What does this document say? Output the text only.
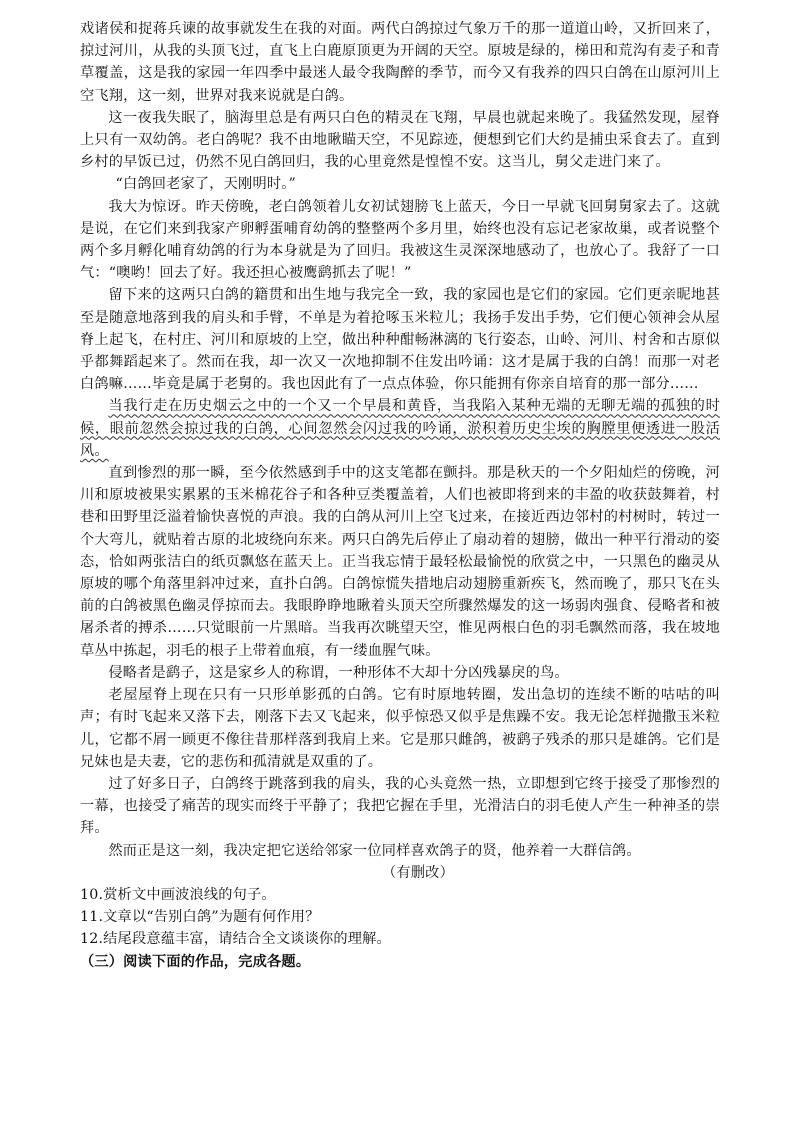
戏诸侯和捉蒋兵谏的故事就发生在我的对面。两代白鸽掠过气象万千的那一道道山岭，又折回来了，掠过河川，从我的头顶飞过，直飞上白鹿原顶更为开阔的天空。原坡是绿的，梯田和荒沟有麦子和青草覆盖，这是我的家园一年四季中最迷人最令我陶醉的季节，而今又有我养的四只白鸽在山原河川上空飞翔，这一刻，世界对我来说就是白鸽。

这一夜我失眠了，脑海里总是有两只白色的精灵在飞翔，早晨也就起来晚了。我猛然发现，屋脊上只有一双幼鸽。老白鸽呢？我不由地瞅瞄天空，不见踪迹，便想到它们大约是捕虫采食去了。直到乡村的早饭已过，仍然不见白鸽回归，我的心里竟然是惶惶不安。这当儿，舅父走进门来了。

“白鸽回老家了，天刚明时。”

我大为惊讶。昨天傍晚，老白鸽领着儿女初试翅膀飞上蓝天，今日一早就飞回舅舅家去了。这就是说，在它们来到我家产卵孵蛋哺育幼鸽的整整两个多月里，始终也没有忘记老家故巢，或者说整个两个多月孵化哺育幼鸽的行为本身就是为了回归。我被这生灵深深地感动了，也放心了。我舒了一口气：“噢哟！回去了好。我还担心被鹰鹞抓去了呢！”

留下来的这两只白鸽的籍贯和出生地与我完全一致，我的家园也是它们的家园。它们更亲昵地甚至是随意地落到我的肩头和手臂，不单是为着抢啄玉米粒儿；我扬手发出手势，它们便心领神会从屋脊上起飞，在村庄、河川和原坡的上空，做出种种酣畅淋漓的飞行姿态，山岭、河川、村舍和古原似乎都舞蹈起来了。然而在我，却一次又一次地抑制不住发出吟诵：这才是属于我的白鸽！而那一对老白鸽嘛……毕竟是属于老舅的。我也因此有了一点点体验，你只能拥有你亲自培育的那一部分……

当我行走在历史烟云之中的一个又一个早晨和黄昏，当我陷入某种无端的无聊无端的孤独的时候，眼前忽然会掠过我的白鸽，心间忽然会闪过我的吟诵，淤积着历史尘埃的胸膛里便透进一股活风。

直到惨烈的那一瞬，至今依然感到手中的这支笔都在颤抖。那是秋天的一个夕阳灿烂的傍晚，河川和原坡被果实累累的玉米棉花谷子和各种豆类覆盖着，人们也被即将到来的丰盈的收获鼓舞着，村巷和田野里泛溢着愉快喜悦的声浪。我的白鸽从河川上空飞过来，在接近西边邻村的村树时，转过一个大弯儿，就贴着古原的北坡绕向东来。两只白鸽先后停止了扇动着的翅膀，做出一种平行滑动的姿态，恰如两张洁白的纸页飘悠在蓝天上。正当我忘情于最轻松最愉悦的欣赏之中，一只黑色的幽灵从原坡的哪个角落里斜冲过来，直扑白鸽。白鸽惊慌失措地启动翅膀重新疾飞，然而晚了，那只飞在头前的白鸽被黑色幽灵俘掠而去。我眼睁睁地瞅着头顶天空所骤然爆发的这一场弱肉强食、侵略者和被屠杀者的搏杀……只觉眼前一片黑暗。当我再次眺望天空，惟见两根白色的羽毛飘然而落，我在坡地草丛中拣起，羽毛的根子上带着血痕，有一缕血腥气味。

侵略者是鹞子，这是家乡人的称谓，一种形体不大却十分凶残暴戾的鸟。

老屋屋脊上现在只有一只形单影孤的白鸽。它有时原地转圈，发出急切的连续不断的咕咕的叫声；有时飞起来又落下去，刚落下去又飞起来，似乎惊恐又似乎是焦躁不安。我无论怎样抛撒玉米粒儿，它都不屑一顾更不像往昔那样落到我肩上来。它是那只雌鸽，被鹞子残杀的那只是雄鸽。它们是兄妹也是夫妻，它的悲伤和孤清就是双重的了。

过了好多日子，白鸽终于跳落到我的肩头，我的心头竟然一热，立即想到它终于接受了那惨烈的一幕，也接受了痛苦的现实而终于平静了；我把它握在手里，光滑洁白的羽毛使人产生一种神圣的崇拜。

然而正是这一刻，我决定把它送给邻家一位同样喜欢鸽子的贤，他养着一大群信鸽。

（有删改）

10.赏析文中画波浪线的句子。

11.文章以“告别白鸽”为题有何作用？

12.结尾段意蕴丰富，请结合全文谈谈你的理解。

（三）阅读下面的作品，完成各题。
